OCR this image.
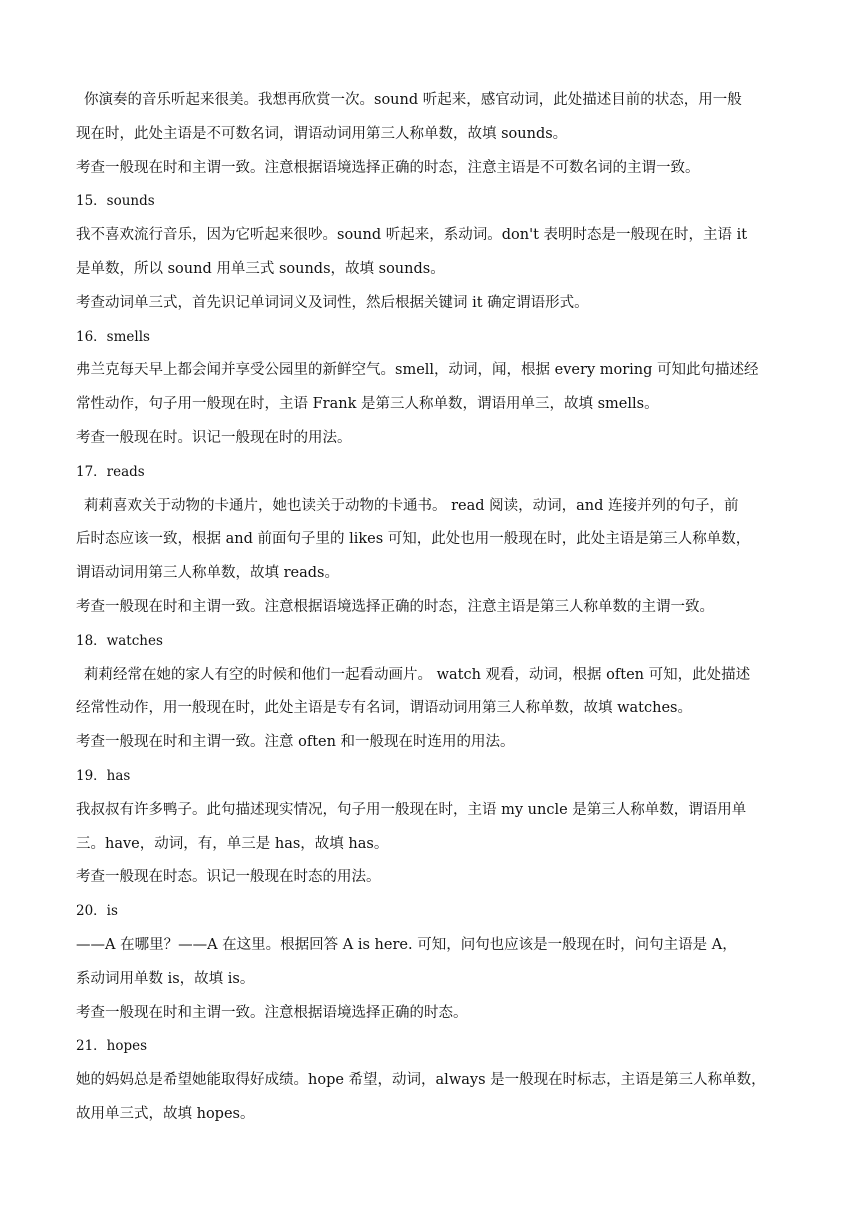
你演奏的音乐听起来很美。我想再欣赏一次。sound 听起来，感官动词，此处描述目前的状态，用一般
现在时，此处主语是不可数名词，谓语动词用第三人称单数，故填 sounds。
考查一般现在时和主谓一致。注意根据语境选择正确的时态，注意主语是不可数名词的主谓一致。
15．sounds
我不喜欢流行音乐，因为它听起来很吵。sound 听起来，系动词。don't 表明时态是一般现在时，主语 it
是单数，所以 sound 用单三式 sounds，故填 sounds。
考查动词单三式，首先识记单词词义及词性，然后根据关键词 it 确定谓语形式。
16．smells
弗兰克每天早上都会闻并享受公园里的新鲜空气。smell，动词，闻，根据 every moring 可知此句描述经
常性动作，句子用一般现在时，主语 Frank 是第三人称单数，谓语用单三，故填 smells。
考查一般现在时。识记一般现在时的用法。
17．reads
莉莉喜欢关于动物的卡通片，她也读关于动物的卡通书。 read 阅读，动词，and 连接并列的句子，前
后时态应该一致，根据 and 前面句子里的 likes 可知，此处也用一般现在时，此处主语是第三人称单数，
谓语动词用第三人称单数，故填 reads。
考查一般现在时和主谓一致。注意根据语境选择正确的时态，注意主语是第三人称单数的主谓一致。
18．watches
莉莉经常在她的家人有空的时候和他们一起看动画片。 watch 观看，动词，根据 often 可知，此处描述
经常性动作，用一般现在时，此处主语是专有名词，谓语动词用第三人称单数，故填 watches。
考查一般现在时和主谓一致。注意 often 和一般现在时连用的用法。
19．has
我叔叔有许多鸭子。此句描述现实情况，句子用一般现在时，主语 my uncle 是第三人称单数，谓语用单
三。have，动词，有，单三是 has，故填 has。
考查一般现在时态。识记一般现在时态的用法。
20．is
——A 在哪里？——A 在这里。根据回答 A is here. 可知，问句也应该是一般现在时，问句主语是 A，
系动词用单数 is，故填 is。
考查一般现在时和主谓一致。注意根据语境选择正确的时态。
21．hopes
她的妈妈总是希望她能取得好成绩。hope 希望，动词，always 是一般现在时标志，主语是第三人称单数，
故用单三式，故填 hopes。
